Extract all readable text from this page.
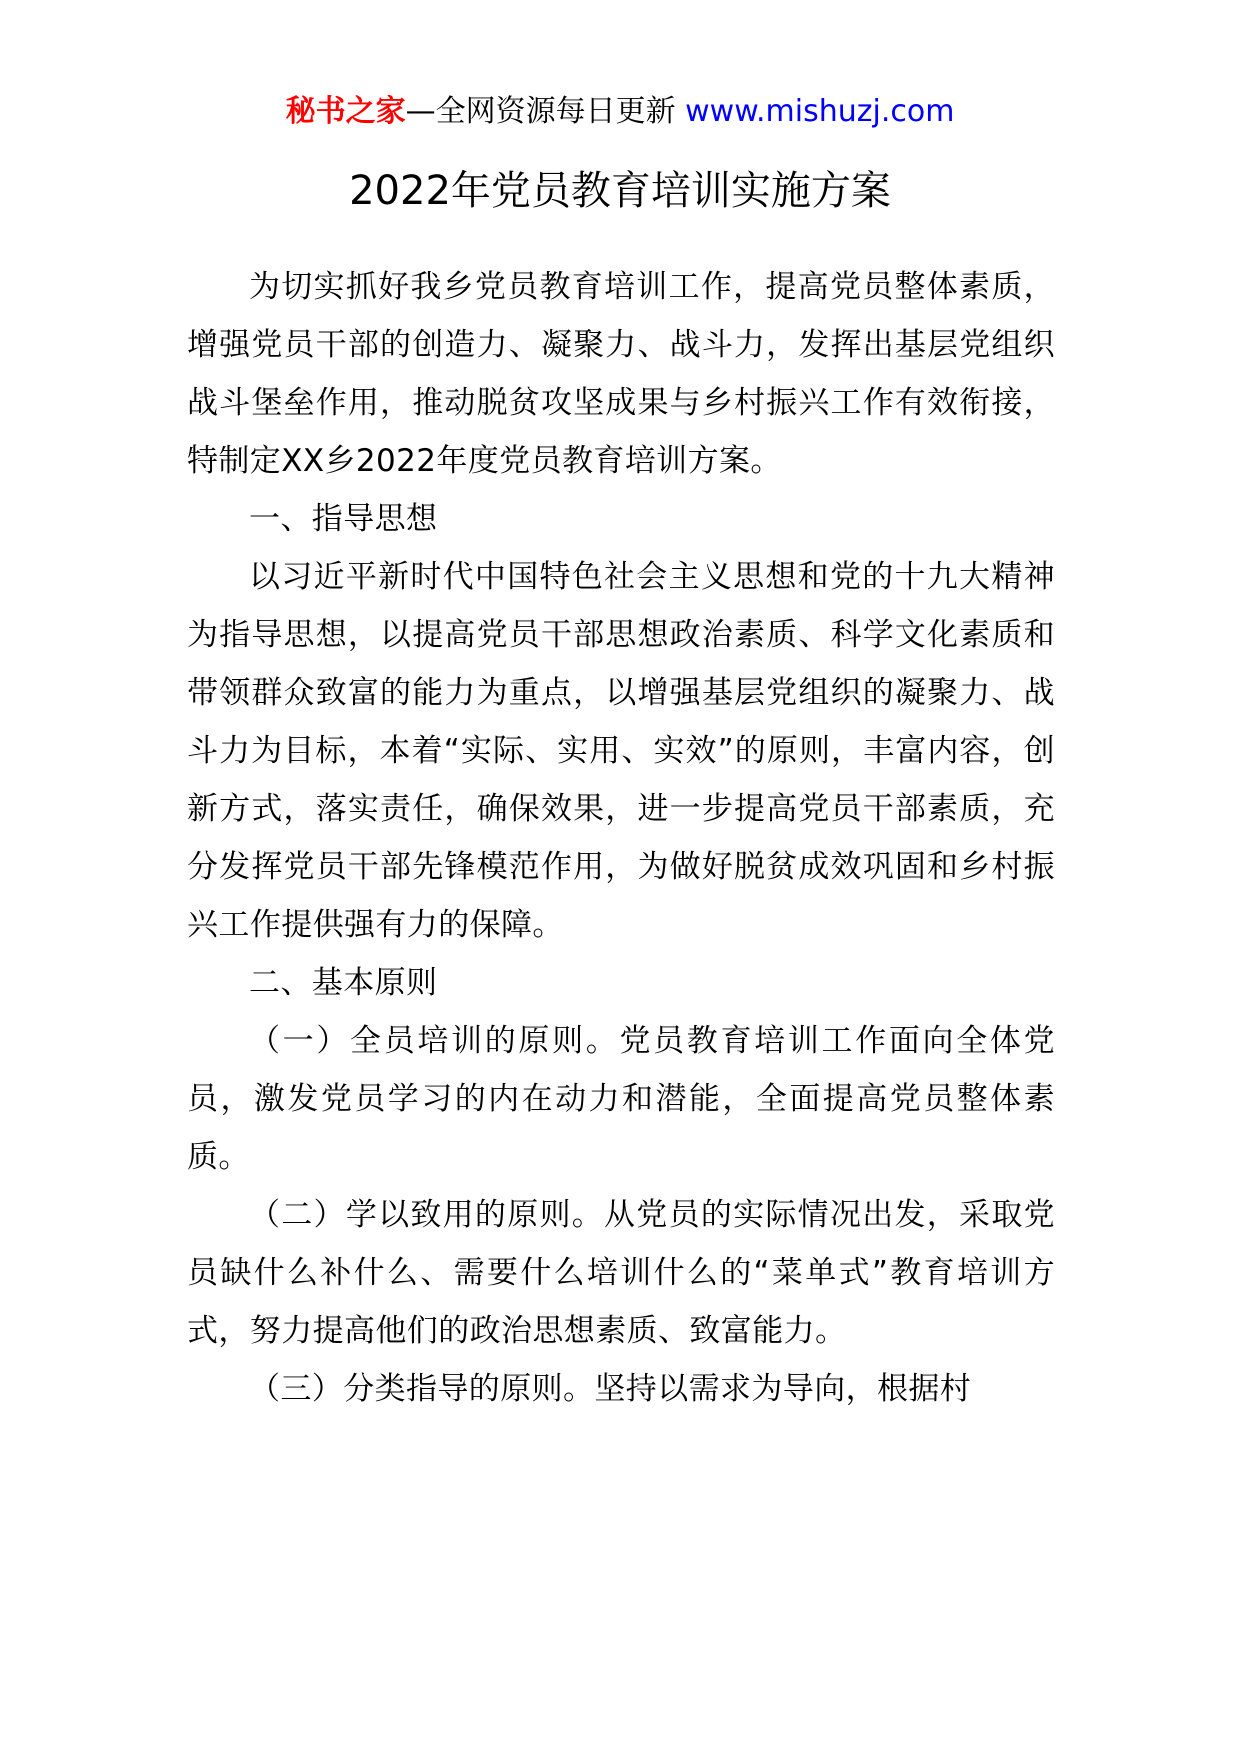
秘书之家—全网资源每日更新 www.mishuzj.com
2022年党员教育培训实施方案

为切实抓好我乡党员教育培训工作，提高党员整体素质，增强党员干部的创造力、凝聚力、战斗力，发挥出基层党组织战斗堡垒作用，推动脱贫攻坚成果与乡村振兴工作有效衔接，特制定XX乡2022年度党员教育培训方案。

一、指导思想

以习近平新时代中国特色社会主义思想和党的十九大精神为指导思想，以提高党员干部思想政治素质、科学文化素质和带领群众致富的能力为重点，以增强基层党组织的凝聚力、战斗力为目标，本着“实际、实用、实效”的原则，丰富内容，创新方式，落实责任，确保效果，进一步提高党员干部素质，充分发挥党员干部先锋模范作用，为做好脱贫成效巩固和乡村振兴工作提供强有力的保障。

二、基本原则

（一）全员培训的原则。党员教育培训工作面向全体党员，激发党员学习的内在动力和潜能，全面提高党员整体素质。

（二）学以致用的原则。从党员的实际情况出发，采取党员缺什么补什么、需要什么培训什么的“菜单式”教育培训方式，努力提高他们的政治思想素质、致富能力。

（三）分类指导的原则。坚持以需求为导向，根据村
